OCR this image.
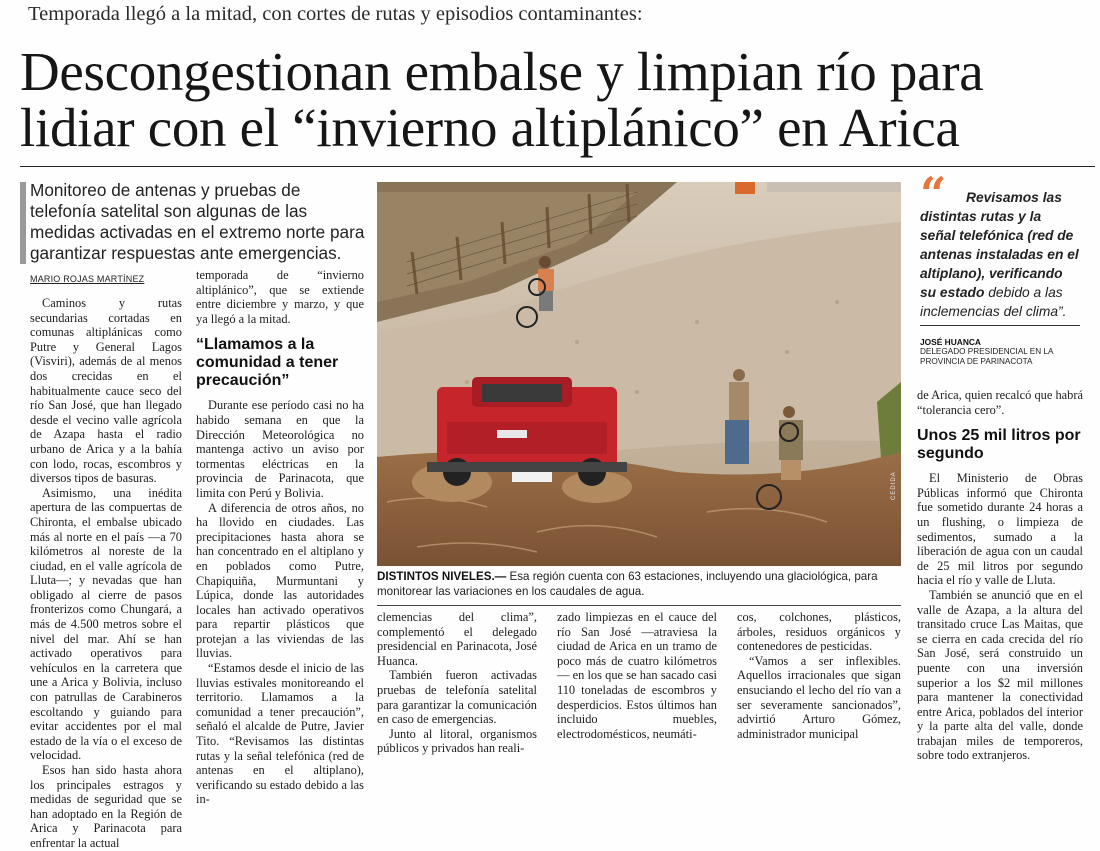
Temporada llegó a la mitad, con cortes de rutas y episodios contaminantes:
Descongestionan embalse y limpian río para lidiar con el “invierno altiplánico” en Arica
Monitoreo de antenas y pruebas de telefonía satelital son algunas de las medidas activadas en el extremo norte para garantizar respuestas ante emergencias.
MARIO ROJAS MARTÍNEZ

Caminos y rutas secundarias cortadas en comunas altiplánicas como Putre y General Lagos (Visviri), además de al menos dos crecidas en el habitualmente cauce seco del río San José, que han llegado desde el vecino valle agrícola de Azapa hasta el radio urbano de Arica y a la bahía con lodo, rocas, escombros y diversos tipos de basuras.

Asimismo, una inédita apertura de las compuertas de Chironta, el embalse ubicado más al norte en el país —a 70 kilómetros al noreste de la ciudad, en el valle agrícola de Lluta—; y nevadas que han obligado al cierre de pasos fronterizos como Chungará, a más de 4.500 metros sobre el nivel del mar. Ahí se han activado operativos para vehículos en la carretera que une a Arica y Bolivia, incluso con patrullas de Carabineros escoltando y guiando para evitar accidentes por el mal estado de la vía o el exceso de velocidad.

Esos han sido hasta ahora los principales estragos y medidas de seguridad que se han adoptado en la Región de Arica y Parinacota para enfrentar la actual

temporada de “invierno altiplánico”, que se extiende entre diciembre y marzo, y que ya llegó a la mitad.

“Llamamos a la comunidad a tener precaución”

Durante ese período casi no ha habido semana en que la Dirección Meteorológica no mantenga activo un aviso por tormentas eléctricas en la provincia de Parinacota, que limita con Perú y Bolivia.

A diferencia de otros años, no ha llovido en ciudades. Las precipitaciones hasta ahora se han concentrado en el altiplano y en poblados como Putre, Chapiquiña, Murmuntani y Lúpica, donde las autoridades locales han activado operativos para repartir plásticos que protejan a las viviendas de las lluvias.

“Estamos desde el inicio de las lluvias estivales monitoreando el territorio. Llamamos a la comunidad a tener precaución”, señaló el alcalde de Putre, Javier Tito. “Revisamos las distintas rutas y la señal telefónica (red de antenas en el altiplano), verificando su estado debido a las in-

CEDIDA
DISTINTOS NIVELES.— Esa región cuenta con 63 estaciones, incluyendo una glaciológica, para monitorear las variaciones en los caudales de agua.

clemencias del clima”, complementó el delegado presidencial en Parinacota, José Huanca.

También fueron activadas pruebas de telefonía satelital para garantizar la comunicación en caso de emergencias.

Junto al litoral, organismos públicos y privados han reali-

zado limpiezas en el cauce del río San José —atraviesa la ciudad de Arica en un tramo de poco más de cuatro kilómetros— en los que se han sacado casi 110 toneladas de escombros y desperdicios. Estos últimos han incluido muebles, electrodomésticos, neumáti-

cos, colchones, plásticos, árboles, residuos orgánicos y contenedores de pesticidas.

“Vamos a ser inflexibles. Aquellos irracionales que sigan ensuciando el lecho del río van a ser severamente sancionados”, advirtió Arturo Gómez, administrador municipal

“	Revisamos las distintas rutas y la señal telefónica (red de antenas instaladas en el altiplano), verificando su estado debido a las inclemencias del clima”.
JOSÉ HUANCA
DELEGADO PRESIDENCIAL EN LA PROVINCIA DE PARINACOTA

de Arica, quien recalcó que habrá “tolerancia cero”.

Unos 25 mil litros por segundo

El Ministerio de Obras Públicas informó que Chironta fue sometido durante 24 horas a un flushing, o limpieza de sedimentos, sumado a la liberación de agua con un caudal de 25 mil litros por segundo hacia el río y valle de Lluta.

También se anunció que en el valle de Azapa, a la altura del transitado cruce Las Maitas, que se cierra en cada crecida del río San José, será construido un puente con una inversión superior a los $2 mil millones para mantener la conectividad entre Arica, poblados del interior y la parte alta del valle, donde trabajan miles de temporeros, sobre todo extranjeros.
